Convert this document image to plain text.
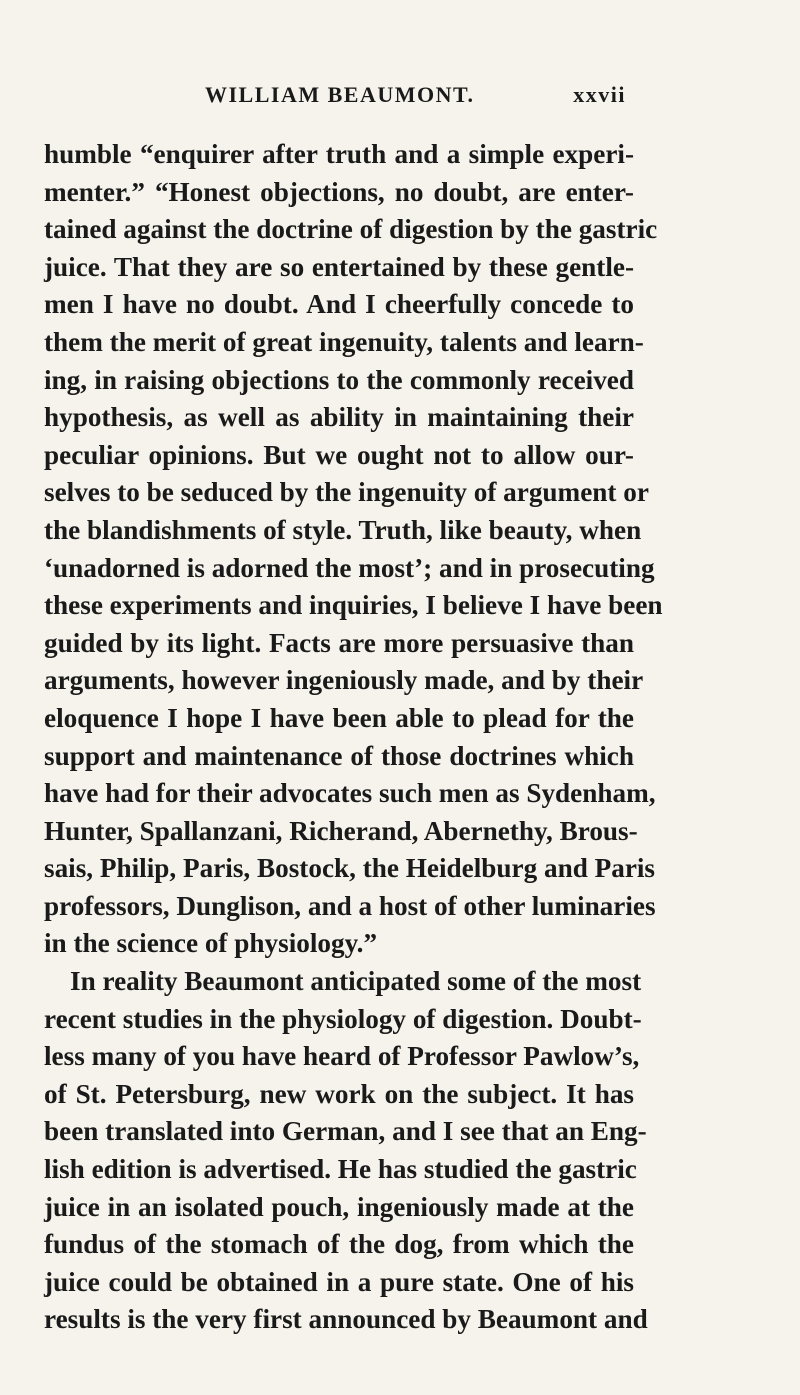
WILLIAM BEAUMONT.	xxvii
humble “enquirer after truth and a simple experi-
menter.” “Honest objections, no doubt, are enter-
tained against the doctrine of digestion by the gastric
juice. That they are so entertained by these gentle-
men I have no doubt. And I cheerfully concede to
them the merit of great ingenuity, talents and learn-
ing, in raising objections to the commonly received
hypothesis, as well as ability in maintaining their
peculiar opinions. But we ought not to allow our-
selves to be seduced by the ingenuity of argument or
the blandishments of style. Truth, like beauty, when
‘unadorned is adorned the most’; and in prosecuting
these experiments and inquiries, I believe I have been
guided by its light. Facts are more persuasive than
arguments, however ingeniously made, and by their
eloquence I hope I have been able to plead for the
support and maintenance of those doctrines which
have had for their advocates such men as Sydenham,
Hunter, Spallanzani, Richerand, Abernethy, Brous-
sais, Philip, Paris, Bostock, the Heidelburg and Paris
professors, Dunglison, and a host of other luminaries
in the science of physiology.”
In reality Beaumont anticipated some of the most
recent studies in the physiology of digestion. Doubt-
less many of you have heard of Professor Pawlow’s,
of St. Petersburg, new work on the subject. It has
been translated into German, and I see that an Eng-
lish edition is advertised. He has studied the gastric
juice in an isolated pouch, ingeniously made at the
fundus of the stomach of the dog, from which the
juice could be obtained in a pure state. One of his
results is the very first announced by Beaumont and
